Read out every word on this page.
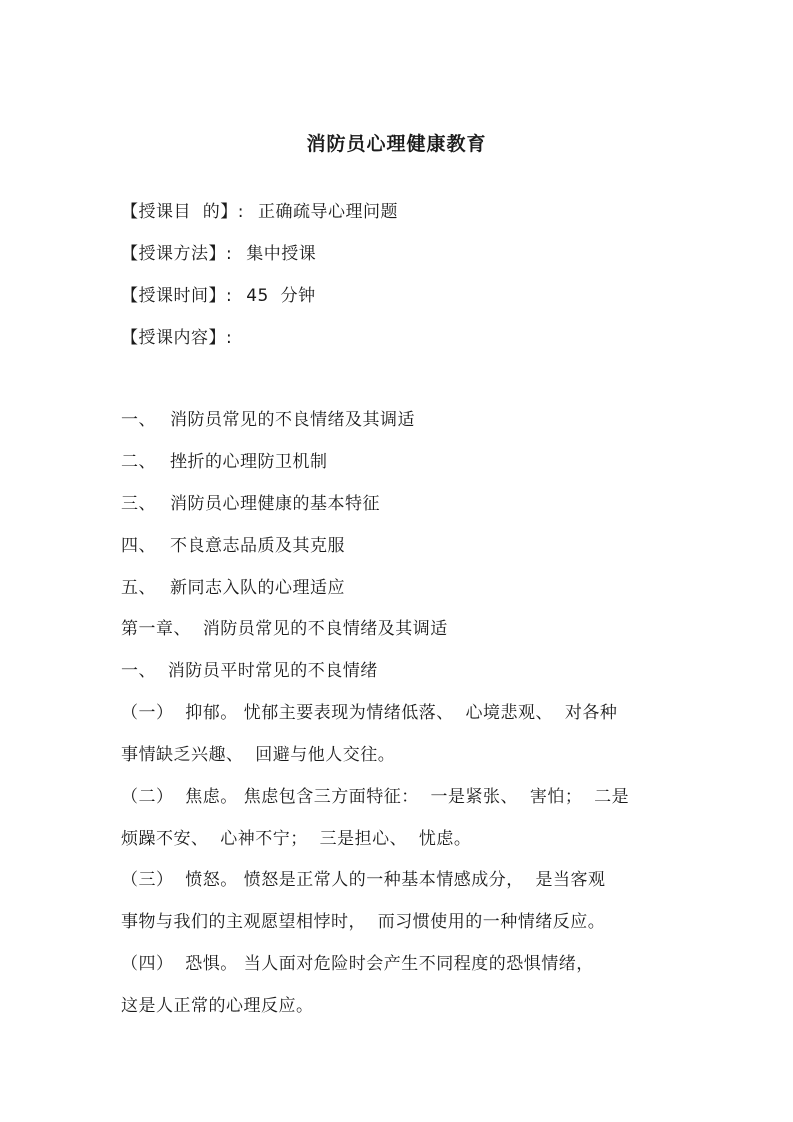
消防员心理健康教育
【授课目  的】: 正确疏导心理问题
【授课方法】: 集中授课
【授课时间】: 45  分钟
【授课内容】:
一、 消防员常见的不良情绪及其调适
二、 挫折的心理防卫机制
三、 消防员心理健康的基本特征
四、 不良意志品质及其克服
五、 新同志入队的心理适应
第一章、  消防员常见的不良情绪及其调适
一、  消防员平时常见的不良情绪
（一）  抑郁。 忧郁主要表现为情绪低落、  心境悲观、  对各种
事情缺乏兴趣、  回避与他人交往。
（二）  焦虑。 焦虑包含三方面特征：  一是紧张、  害怕；  二是
烦躁不安、  心神不宁；  三是担心、  忧虑。
（三）  愤怒。 愤怒是正常人的一种基本情感成分，  是当客观
事物与我们的主观愿望相悖时，  而习惯使用的一种情绪反应。
（四）  恐惧。 当人面对危险时会产生不同程度的恐惧情绪，
这是人正常的心理反应。
